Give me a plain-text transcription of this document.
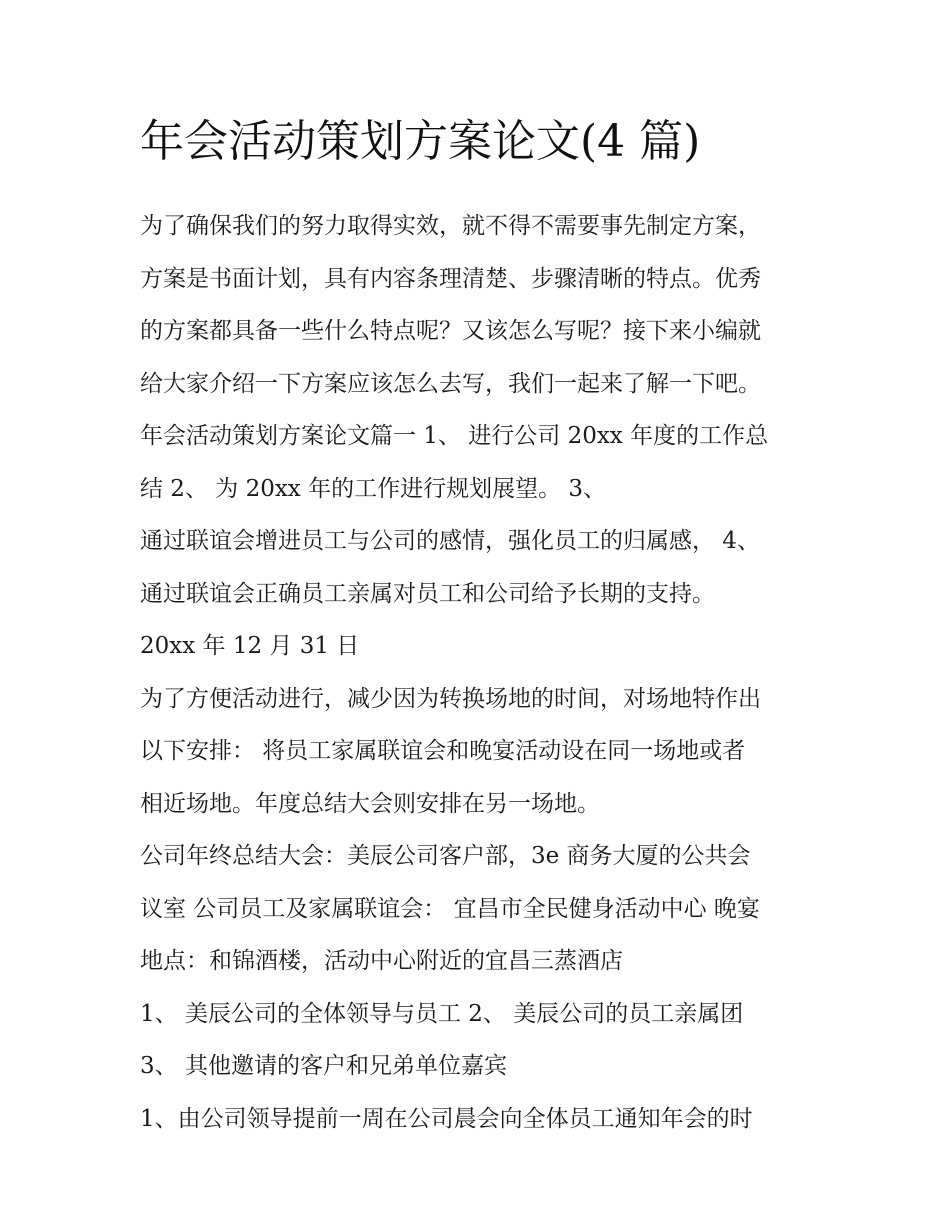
年会活动策划方案论文(4 篇)
为了确保我们的努力取得实效，就不得不需要事先制定方案，
方案是书面计划，具有内容条理清楚、步骤清晰的特点。优秀
的方案都具备一些什么特点呢？又该怎么写呢？接下来小编就
给大家介绍一下方案应该怎么去写，我们一起来了解一下吧。
年会活动策划方案论文篇一 1、 进行公司 20xx 年度的工作总
结 2、 为 20xx 年的工作进行规划展望。 3、
通过联谊会增进员工与公司的感情，强化员工的归属感， 4、
通过联谊会正确员工亲属对员工和公司给予长期的支持。
20xx 年 12 月 31 日
为了方便活动进行，减少因为转换场地的时间，对场地特作出
以下安排： 将员工家属联谊会和晚宴活动设在同一场地或者
相近场地。年度总结大会则安排在另一场地。
公司年终总结大会：美辰公司客户部，3e 商务大厦的公共会
议室 公司员工及家属联谊会： 宜昌市全民健身活动中心 晚宴
地点：和锦酒楼，活动中心附近的宜昌三蒸酒店
1、 美辰公司的全体领导与员工 2、 美辰公司的员工亲属团
3、 其他邀请的客户和兄弟单位嘉宾
1、由公司领导提前一周在公司晨会向全体员工通知年会的时
